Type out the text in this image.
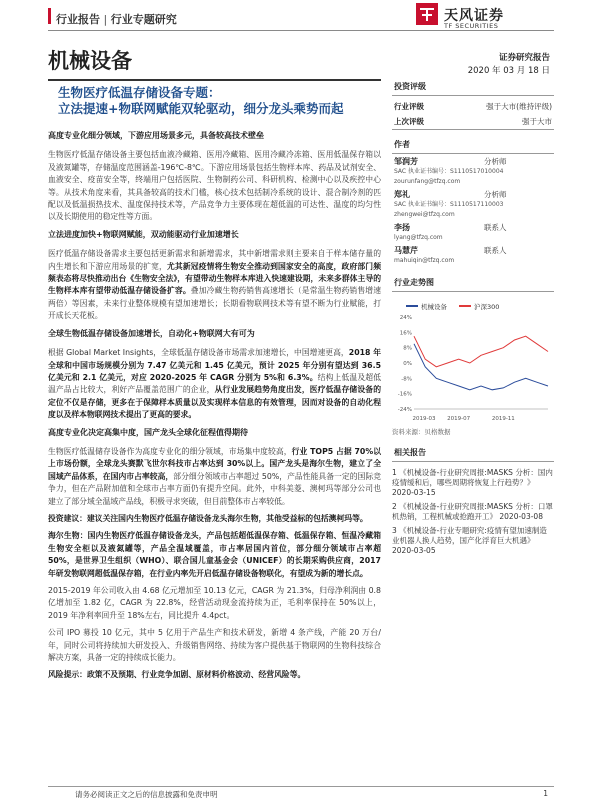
行业报告 | 行业专题研究	天风证券
TF SECURITIES
机械设备	证券研究报告
2020 年 03 月 18 日
生物医疗低温存储设备专题：
立法提速+物联网赋能双轮驱动，细分龙头乘势而起
高度专业化细分领域，下游应用场景多元，具备较高技术壁垒

生物医疗低温存储设备主要包括血液冷藏箱、医用冷藏箱、医用冷藏冷冻箱、医用低温保存箱以及液氮罐等，存储温度范围涵盖-196℃-8℃。下游应用场景包括生物样本库、药品及试剂安全、血液安全、疫苗安全等，终端用户包括医院、生物制药公司、科研机构、检测中心以及疾控中心等。从技术角度来看，其具备较高的技术门槛，核心技术包括制冷系统的设计、混合制冷剂的匹配以及低温损热技术、温度保持技术等，产品竞争力主要体现在超低温的可达性、温度的均匀性以及长期使用的稳定性等方面。

立法进度加快+物联网赋能，双动能驱动行业加速增长

医疗低温存储设备需求主要包括更新需求和新增需求，其中新增需求则主要来自于样本储存量的内生增长和下游应用场景的扩宽，尤其新冠疫情将生物安全推动到国家安全的高度，政府部门频频表态将尽快推动出台《生物安全法》，有望带动生物样本库进入快速建设期，未来多群体主导的生物样本库有望带动低温存储设备扩容。叠加冷藏生物药销售高速增长（是常温生物药销售增速两倍）等因素，未来行业整体规模有望加速增长；长期看物联网技术等有望不断为行业赋能，打开成长天花板。

全球生物低温存储设备加速增长，自动化+物联网大有可为

根据 Global Market Insights，全球低温存储设备市场需求加速增长，中国增速更高，2018 年全球和中国市场规模分别为 7.47 亿美元和 1.45 亿美元，预计 2025 年分别有望达到 36.5 亿美元和 2.1 亿美元，对应 2020-2025 年 CAGR 分别为 5%和 6.3%。结构上低温及超低温产品占比较大，利好产品覆盖范围广的企业，从行业发展趋势角度出发，医疗低温存储设备的定位不仅是存储，更多在于保障样本质量以及实现样本信息的有效管理，因而对设备的自动化程度以及样本物联网技术提出了更高的要求。

高度专业化决定高集中度，国产龙头全球化征程值得期待

生物医疗低温储存设备作为高度专业化的细分领域，市场集中度较高，行业 TOP5 占据 70%以上市场份额，全球龙头赛默飞世尔科技市占率达到 30%以上。国产龙头是海尔生物，建立了全国域产品体系，在国内市占率较高，部分细分领域市占率超过 50%，产品性能具备一定的国际竞争力，但在产品附加值和全球市占率方面仍有提升空间。此外，中科美菱、澳柯玛等部分公司也建立了部分域全温域产品线，积极寻求突破，但目前整体市占率较低。

投资建议：建议关注国内生物医疗低温存储设备龙头海尔生物，其他受益标的包括澳柯玛等。

海尔生物：国内生物医疗低温存储设备龙头，产品包括超低温保存箱、低温保存箱、恒温冷藏箱生物安全柜以及液氮罐等，产品全温域覆盖，市占率居国内首位，部分细分领域市占率超 50%，是世界卫生组织（WHO）、联合国儿童基金会（UNICEF）的长期采购供应商，2017 年研发物联网超低温保存箱，在行业内率先开启低温存储设备物联化，有望成为新的增长点。

2015-2019 年公司收入由 4.68 亿元增加至 10.13 亿元，CAGR 为 21.3%，归母净利润由 0.8 亿增加至 1.82 亿，CAGR 为 22.8%，经营活动现金流持续为正，毛利率保持在 50%以上，2019 年净利率回升至 18%左右，同比提升 4.4pct。

公司 IPO 募投 10 亿元，其中 5 亿用于产品生产和技术研发，新增 4 条产线，产能 20 万台/年，同时公司将持续加大研发投入、升级销售网络、持续为客户提供基于物联网的生物科技综合解决方案，具备一定的持续成长能力。

风险提示：政策不及预期、行业竞争加剧、原材料价格波动、经营风险等。

投资评级
行业评级	强于大市(维持评级)
上次评级	强于大市
作者
邹润芳	分析师
SAC 执业证书编号：S1110517010004
zourunfang@tfzq.com
郑礼	分析师
SAC 执业证书编号：S1110517110003
zhengwei@tfzq.com
李扬	联系人
lyang@tfzq.com
马慧芹	联系人
mahuiqin@tfzq.com
行业走势图
机械设备	沪深300
24%
16%
8%
0%
-8%
-16%
-24%
2019-03 2019-07	2019-11
资料来源：贝格数据
相关报告
1 《机械设备-行业研究周报:MASKS 分析：国内疫情缓和后，哪些周期将恢复上行趋势？》 2020-03-15
2 《机械设备-行业研究周报:MASKS 分析：口罩机热销，工程机械或抢跑开工》 2020-03-08
3 《机械设备-行业专题研究:疫情有望加速制造业机器人换人趋势，国产化浮育巨大机遇》 2020-03-05
请务必阅读正文之后的信息披露和免责申明	1
